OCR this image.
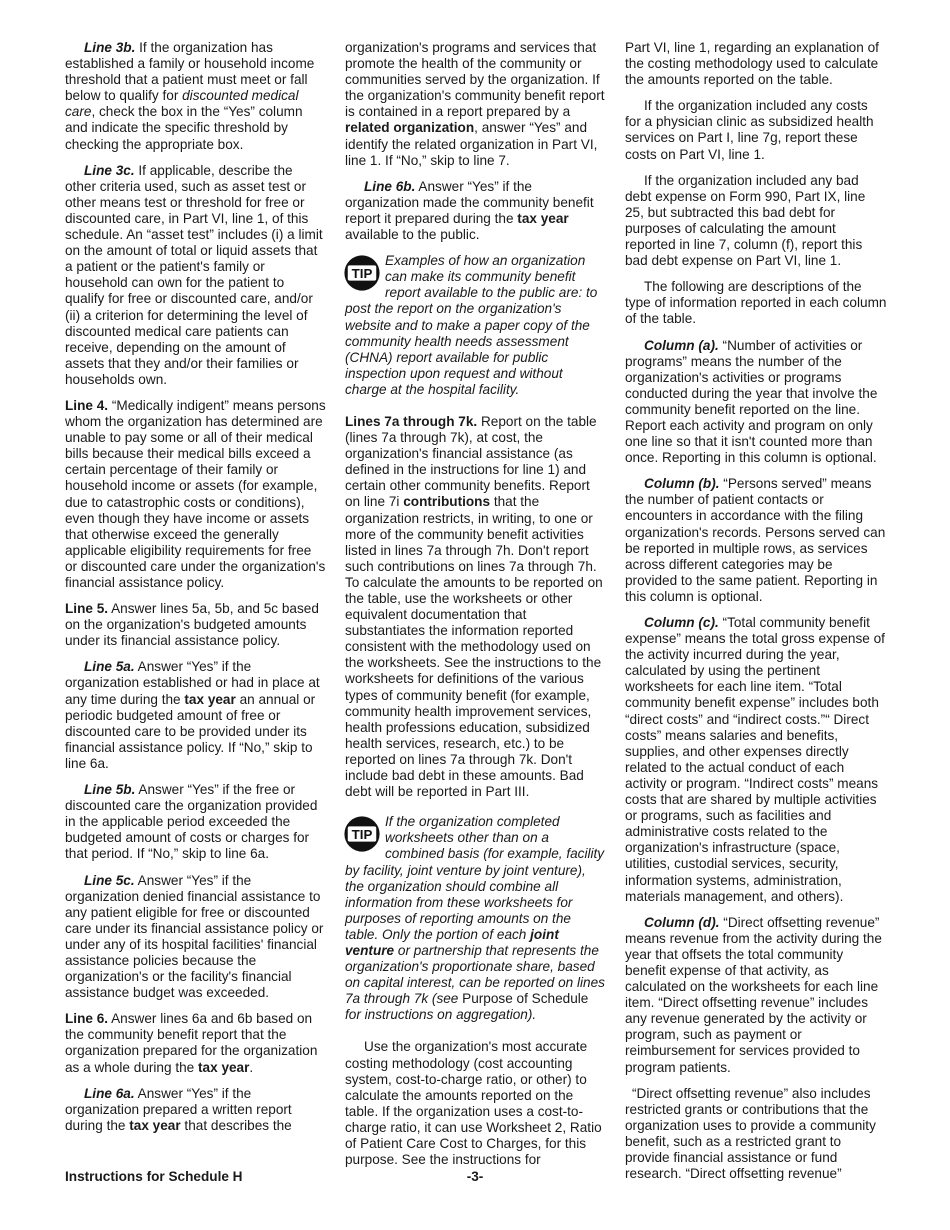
Line 3b. If the organization has established a family or household income threshold that a patient must meet or fall below to qualify for discounted medical care, check the box in the “Yes” column and indicate the specific threshold by checking the appropriate box.

Line 3c. If applicable, describe the other criteria used, such as asset test or other means test or threshold for free or discounted care, in Part VI, line 1, of this schedule. An “asset test” includes (i) a limit on the amount of total or liquid assets that a patient or the patient's family or household can own for the patient to qualify for free or discounted care, and/or (ii) a criterion for determining the level of discounted medical care patients can receive, depending on the amount of assets that they and/or their families or households own.

Line 4. “Medically indigent” means persons whom the organization has determined are unable to pay some or all of their medical bills because their medical bills exceed a certain percentage of their family or household income or assets (for example, due to catastrophic costs or conditions), even though they have income or assets that otherwise exceed the generally applicable eligibility requirements for free or discounted care under the organization's financial assistance policy.

Line 5. Answer lines 5a, 5b, and 5c based on the organization's budgeted amounts under its financial assistance policy.

Line 5a. Answer “Yes” if the organization established or had in place at any time during the tax year an annual or periodic budgeted amount of free or discounted care to be provided under its financial assistance policy. If “No,” skip to line 6a.

Line 5b. Answer “Yes” if the free or discounted care the organization provided in the applicable period exceeded the budgeted amount of costs or charges for that period. If “No,” skip to line 6a.

Line 5c. Answer “Yes” if the organization denied financial assistance to any patient eligible for free or discounted care under its financial assistance policy or under any of its hospital facilities' financial assistance policies because the organization's or the facility's financial assistance budget was exceeded.

Line 6. Answer lines 6a and 6b based on the community benefit report that the organization prepared for the organization as a whole during the tax year.

Line 6a. Answer “Yes” if the organization prepared a written report during the tax year that describes the

organization's programs and services that promote the health of the community or communities served by the organization. If the organization's community benefit report is contained in a report prepared by a related organization, answer “Yes” and identify the related organization in Part VI, line 1. If “No,” skip to line 7.

Line 6b. Answer “Yes” if the organization made the community benefit report it prepared during the tax year available to the public.

TIP
Examples of how an organization can make its community benefit report available to the public are: to post the report on the organization's website and to make a paper copy of the community health needs assessment (CHNA) report available for public inspection upon request and without charge at the hospital facility.

Lines 7a through 7k. Report on the table (lines 7a through 7k), at cost, the organization's financial assistance (as defined in the instructions for line 1) and certain other community benefits. Report on line 7i contributions that the organization restricts, in writing, to one or more of the community benefit activities listed in lines 7a through 7h. Don't report such contributions on lines 7a through 7h. To calculate the amounts to be reported on the table, use the worksheets or other equivalent documentation that substantiates the information reported consistent with the methodology used on the worksheets. See the instructions to the worksheets for definitions of the various types of community benefit (for example, community health improvement services, health professions education, subsidized health services, research, etc.) to be reported on lines 7a through 7k. Don't include bad debt in these amounts. Bad debt will be reported in Part III.

TIP
If the organization completed worksheets other than on a combined basis (for example, facility by facility, joint venture by joint venture), the organization should combine all information from these worksheets for purposes of reporting amounts on the table. Only the portion of each joint venture or partnership that represents the organization's proportionate share, based on capital interest, can be reported on lines 7a through 7k (see Purpose of Schedule for instructions on aggregation).

Use the organization's most accurate costing methodology (cost accounting system, cost-to-charge ratio, or other) to calculate the amounts reported on the table. If the organization uses a cost-to-charge ratio, it can use Worksheet 2, Ratio of Patient Care Cost to Charges, for this purpose. See the instructions for

Part VI, line 1, regarding an explanation of the costing methodology used to calculate the amounts reported on the table.

If the organization included any costs for a physician clinic as subsidized health services on Part I, line 7g, report these costs on Part VI, line 1.

If the organization included any bad debt expense on Form 990, Part IX, line 25, but subtracted this bad debt for purposes of calculating the amount reported in line 7, column (f), report this bad debt expense on Part VI, line 1.

The following are descriptions of the type of information reported in each column of the table.

Column (a). “Number of activities or programs” means the number of the organization's activities or programs conducted during the year that involve the community benefit reported on the line. Report each activity and program on only one line so that it isn't counted more than once. Reporting in this column is optional.

Column (b). “Persons served” means the number of patient contacts or encounters in accordance with the filing organization's records. Persons served can be reported in multiple rows, as services across different categories may be provided to the same patient. Reporting in this column is optional.

Column (c). “Total community benefit expense” means the total gross expense of the activity incurred during the year, calculated by using the pertinent worksheets for each line item. “Total community benefit expense” includes both “direct costs” and “indirect costs.”“ Direct costs” means salaries and benefits, supplies, and other expenses directly related to the actual conduct of each activity or program. “Indirect costs” means costs that are shared by multiple activities or programs, such as facilities and administrative costs related to the organization's infrastructure (space, utilities, custodial services, security, information systems, administration, materials management, and others).

Column (d). “Direct offsetting revenue” means revenue from the activity during the year that offsets the total community benefit expense of that activity, as calculated on the worksheets for each line item. “Direct offsetting revenue” includes any revenue generated by the activity or program, such as payment or reimbursement for services provided to program patients.

“Direct offsetting revenue” also includes restricted grants or contributions that the organization uses to provide a community benefit, such as a restricted grant to provide financial assistance or fund research. “Direct offsetting revenue”

Instructions for Schedule H	-3-
